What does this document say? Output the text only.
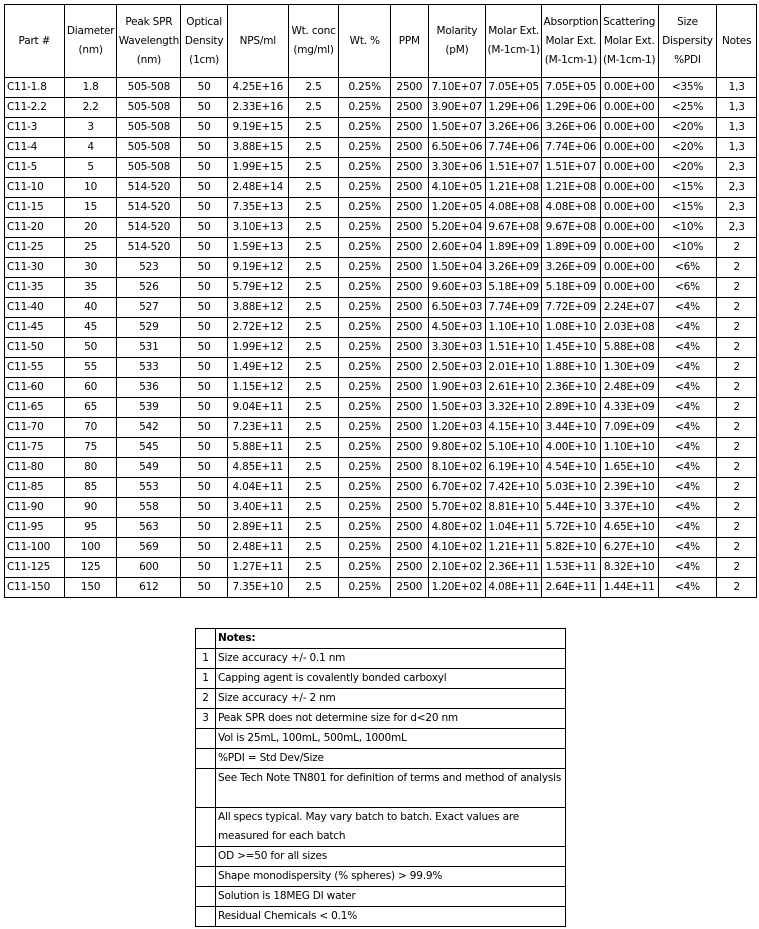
Part #	Diameter (nm)	Peak SPR Wavelength (nm)	Optical Density (1cm)	NPS/ml	Wt. conc (mg/ml)	Wt. %	PPM	Molarity (pM)	Molar Ext. (M-1cm-1)	Absorption Molar Ext. (M-1cm-1)	Scattering Molar Ext. (M-1cm-1)	Size Dispersity %PDI	Notes
C11-1.8	1.8	505-508	50	4.25E+16	2.5	0.25%	2500	7.10E+07	7.05E+05	7.05E+05	0.00E+00	<35%	1,3
C11-2.2	2.2	505-508	50	2.33E+16	2.5	0.25%	2500	3.90E+07	1.29E+06	1.29E+06	0.00E+00	<25%	1,3
C11-3	3	505-508	50	9.19E+15	2.5	0.25%	2500	1.50E+07	3.26E+06	3.26E+06	0.00E+00	<20%	1,3
C11-4	4	505-508	50	3.88E+15	2.5	0.25%	2500	6.50E+06	7.74E+06	7.74E+06	0.00E+00	<20%	1,3
C11-5	5	505-508	50	1.99E+15	2.5	0.25%	2500	3.30E+06	1.51E+07	1.51E+07	0.00E+00	<20%	2,3
C11-10	10	514-520	50	2.48E+14	2.5	0.25%	2500	4.10E+05	1.21E+08	1.21E+08	0.00E+00	<15%	2,3
C11-15	15	514-520	50	7.35E+13	2.5	0.25%	2500	1.20E+05	4.08E+08	4.08E+08	0.00E+00	<15%	2,3
C11-20	20	514-520	50	3.10E+13	2.5	0.25%	2500	5.20E+04	9.67E+08	9.67E+08	0.00E+00	<10%	2,3
C11-25	25	514-520	50	1.59E+13	2.5	0.25%	2500	2.60E+04	1.89E+09	1.89E+09	0.00E+00	<10%	2
C11-30	30	523	50	9.19E+12	2.5	0.25%	2500	1.50E+04	3.26E+09	3.26E+09	0.00E+00	<6%	2
C11-35	35	526	50	5.79E+12	2.5	0.25%	2500	9.60E+03	5.18E+09	5.18E+09	0.00E+00	<6%	2
C11-40	40	527	50	3.88E+12	2.5	0.25%	2500	6.50E+03	7.74E+09	7.72E+09	2.24E+07	<4%	2
C11-45	45	529	50	2.72E+12	2.5	0.25%	2500	4.50E+03	1.10E+10	1.08E+10	2.03E+08	<4%	2
C11-50	50	531	50	1.99E+12	2.5	0.25%	2500	3.30E+03	1.51E+10	1.45E+10	5.88E+08	<4%	2
C11-55	55	533	50	1.49E+12	2.5	0.25%	2500	2.50E+03	2.01E+10	1.88E+10	1.30E+09	<4%	2
C11-60	60	536	50	1.15E+12	2.5	0.25%	2500	1.90E+03	2.61E+10	2.36E+10	2.48E+09	<4%	2
C11-65	65	539	50	9.04E+11	2.5	0.25%	2500	1.50E+03	3.32E+10	2.89E+10	4.33E+09	<4%	2
C11-70	70	542	50	7.23E+11	2.5	0.25%	2500	1.20E+03	4.15E+10	3.44E+10	7.09E+09	<4%	2
C11-75	75	545	50	5.88E+11	2.5	0.25%	2500	9.80E+02	5.10E+10	4.00E+10	1.10E+10	<4%	2
C11-80	80	549	50	4.85E+11	2.5	0.25%	2500	8.10E+02	6.19E+10	4.54E+10	1.65E+10	<4%	2
C11-85	85	553	50	4.04E+11	2.5	0.25%	2500	6.70E+02	7.42E+10	5.03E+10	2.39E+10	<4%	2
C11-90	90	558	50	3.40E+11	2.5	0.25%	2500	5.70E+02	8.81E+10	5.44E+10	3.37E+10	<4%	2
C11-95	95	563	50	2.89E+11	2.5	0.25%	2500	4.80E+02	1.04E+11	5.72E+10	4.65E+10	<4%	2
C11-100	100	569	50	2.48E+11	2.5	0.25%	2500	4.10E+02	1.21E+11	5.82E+10	6.27E+10	<4%	2
C11-125	125	600	50	1.27E+11	2.5	0.25%	2500	2.10E+02	2.36E+11	1.53E+11	8.32E+10	<4%	2
C11-150	150	612	50	7.35E+10	2.5	0.25%	2500	1.20E+02	4.08E+11	2.64E+11	1.44E+11	<4%	2
	Notes:
1	Size accuracy +/- 0.1 nm
1	Capping agent is covalently bonded carboxyl
2	Size accuracy +/- 2 nm
3	Peak SPR does not determine size for d<20 nm
	Vol is 25mL, 100mL, 500mL, 1000mL
	%PDI = Std Dev/Size
	See Tech Note TN801 for definition of terms and method of analysis
	All specs typical. May vary batch to batch. Exact values are measured for each batch
	OD >=50 for all sizes
	Shape monodispersity (% spheres) > 99.9%
	Solution is 18MEG DI water
	Residual Chemicals < 0.1%
